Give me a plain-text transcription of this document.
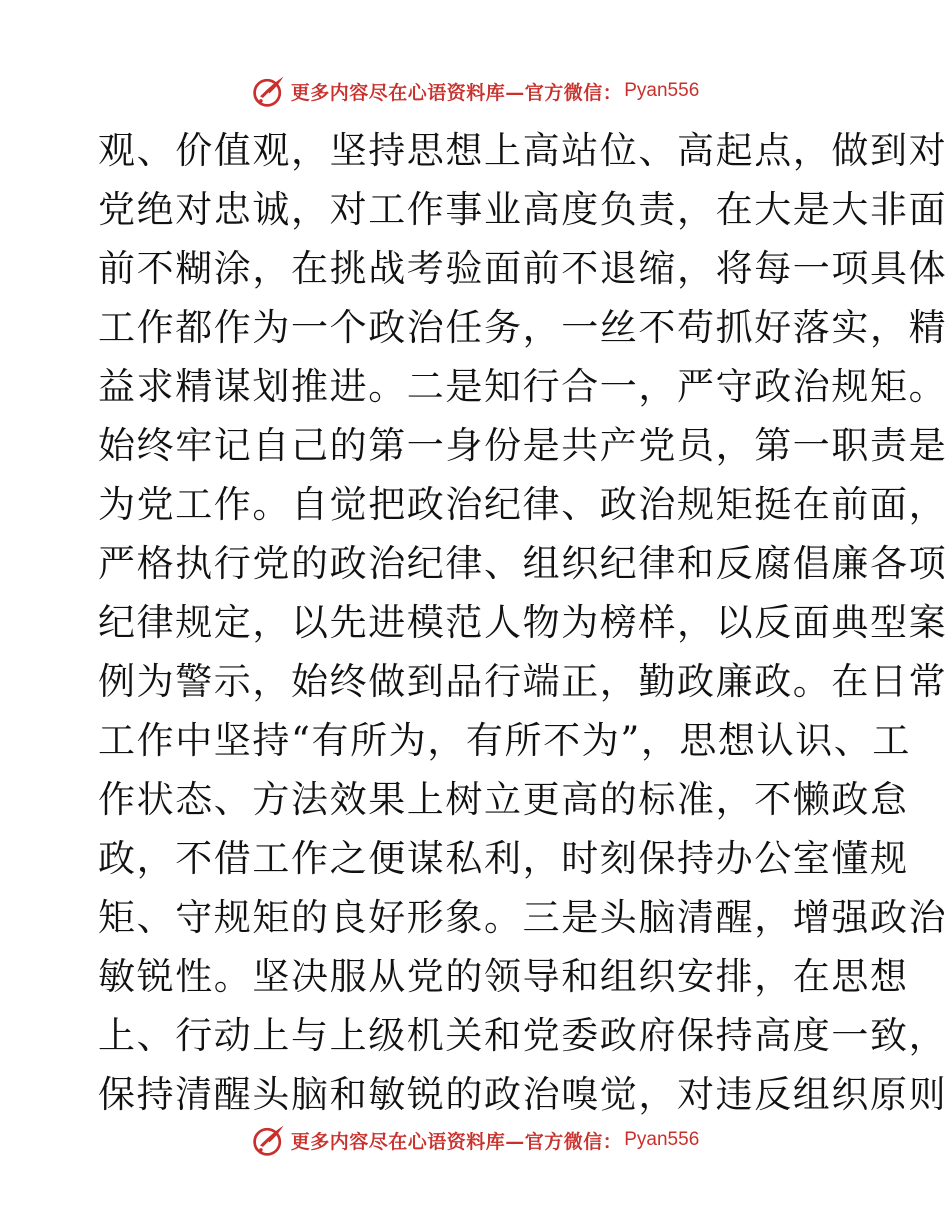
更多内容尽在心语资料库—官方微信： Pyan556
观、价值观，坚持思想上高站位、高起点，做到对
党绝对忠诚，对工作事业高度负责，在大是大非面
前不糊涂，在挑战考验面前不退缩，将每一项具体
工作都作为一个政治任务，一丝不苟抓好落实，精
益求精谋划推进。二是知行合一，严守政治规矩。
始终牢记自己的第一身份是共产党员，第一职责是
为党工作。自觉把政治纪律、政治规矩挺在前面，
严格执行党的政治纪律、组织纪律和反腐倡廉各项
纪律规定，以先进模范人物为榜样，以反面典型案
例为警示，始终做到品行端正，勤政廉政。在日常
工作中坚持“有所为，有所不为”，思想认识、工
作状态、方法效果上树立更高的标准，不懒政怠
政，不借工作之便谋私利，时刻保持办公室懂规
矩、守规矩的良好形象。三是头脑清醒，增强政治
敏锐性。坚决服从党的领导和组织安排，在思想
上、行动上与上级机关和党委政府保持高度一致，
保持清醒头脑和敏锐的政治嗅觉，对违反组织原则
更多内容尽在心语资料库—官方微信： Pyan556
